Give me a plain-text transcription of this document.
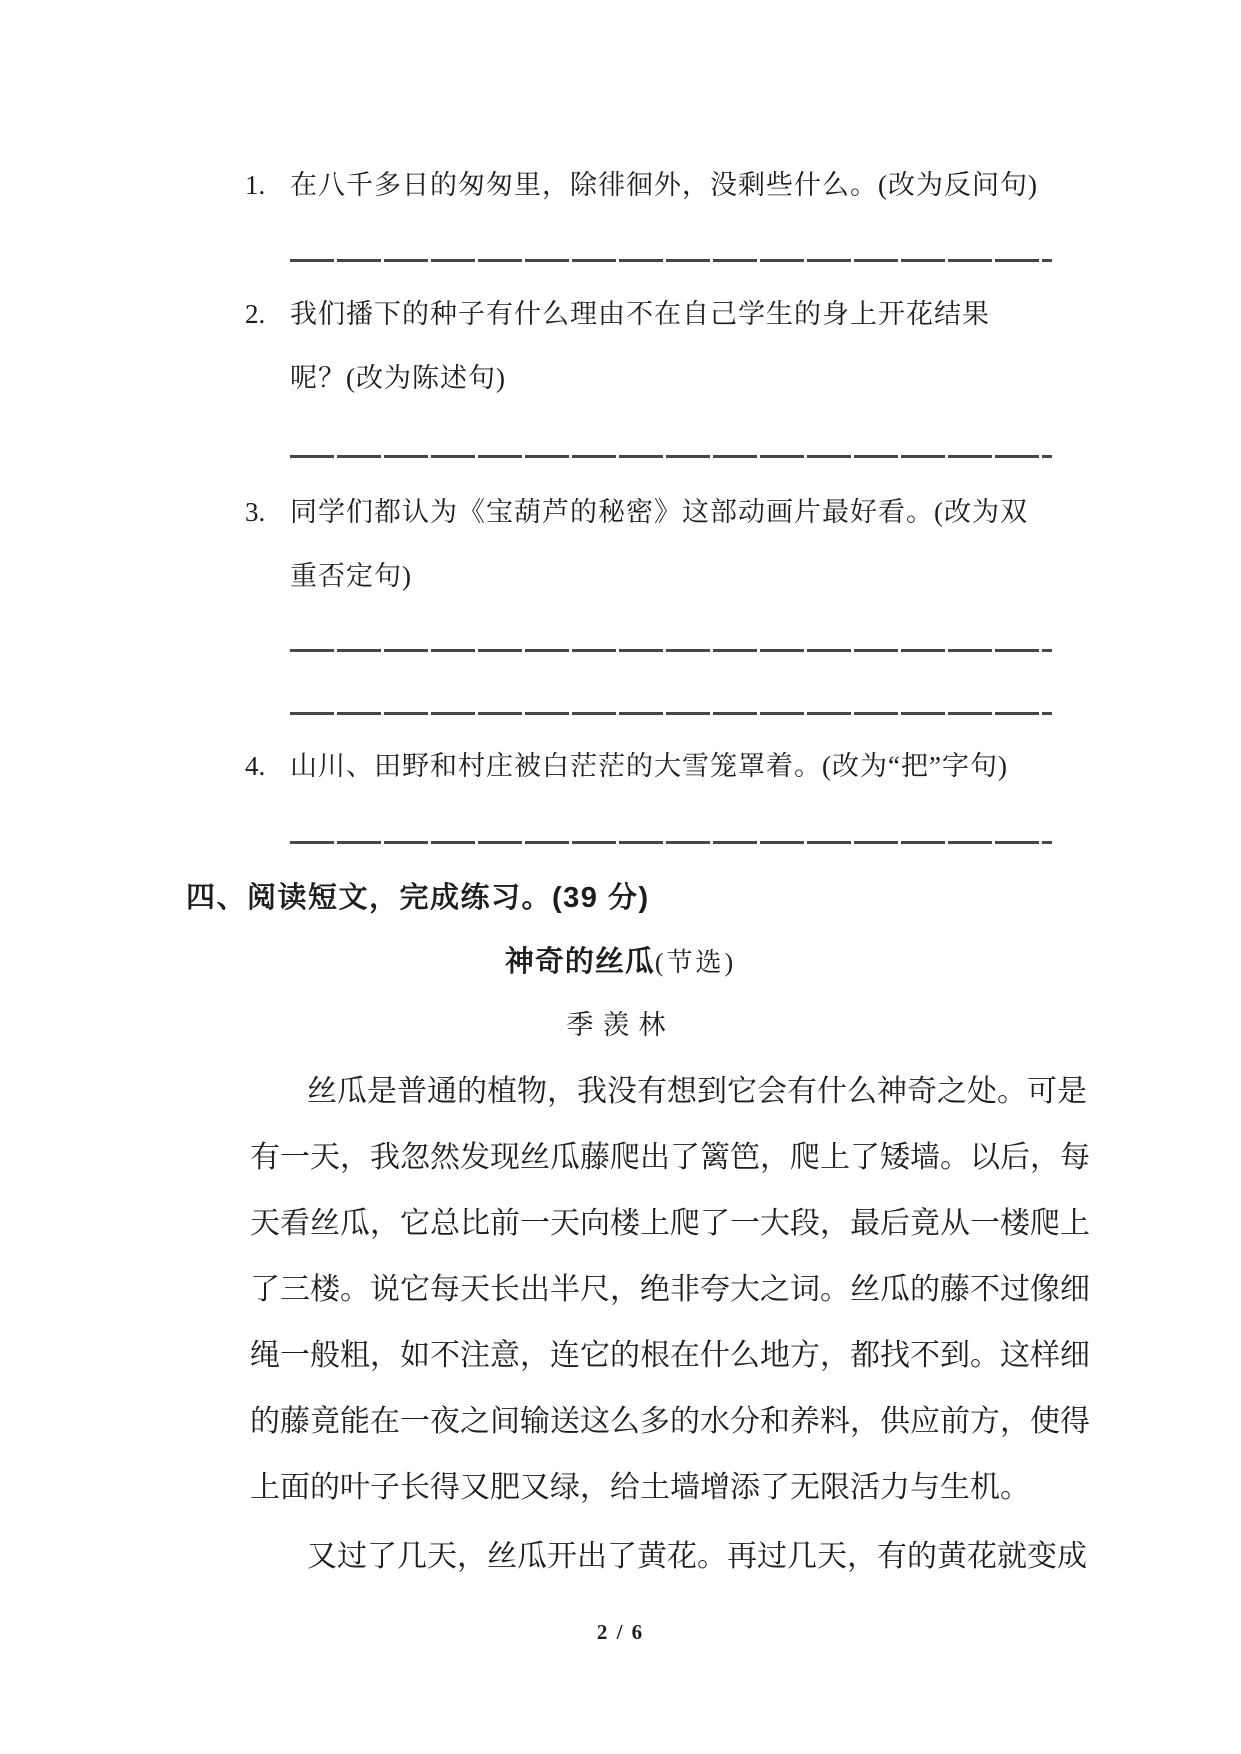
1. 在八千多日的匆匆里，除徘徊外，没剩些什么。(改为反问句)
2. 我们播下的种子有什么理由不在自己学生的身上开花结果
呢？(改为陈述句)
3. 同学们都认为《宝葫芦的秘密》这部动画片最好看。(改为双
重否定句)
4. 山川、田野和村庄被白茫茫的大雪笼罩着。(改为“把”字句)
四、阅读短文，完成练习。(39 分)
神奇的丝瓜(节选)
季羡林
丝瓜是普通的植物，我没有想到它会有什么神奇之处。可是
有一天，我忽然发现丝瓜藤爬出了篱笆，爬上了矮墙。以后，每
天看丝瓜，它总比前一天向楼上爬了一大段，最后竟从一楼爬上
了三楼。说它每天长出半尺，绝非夸大之词。丝瓜的藤不过像细
绳一般粗，如不注意，连它的根在什么地方，都找不到。这样细
的藤竟能在一夜之间输送这么多的水分和养料，供应前方，使得
上面的叶子长得又肥又绿，给土墙增添了无限活力与生机。
又过了几天，丝瓜开出了黄花。再过几天，有的黄花就变成
2 / 6
